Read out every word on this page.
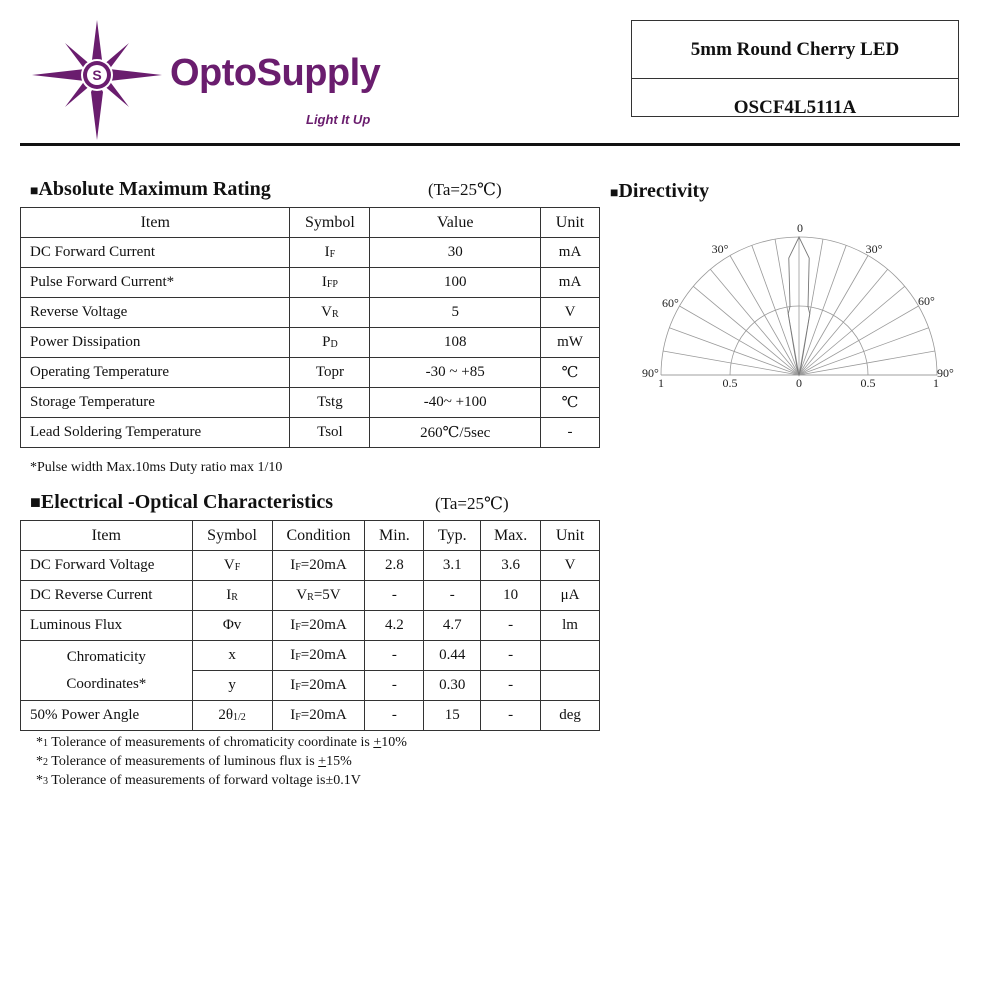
S OptoSupply
Light It Up
5mm Round Cherry LED
OSCF4L5111A
■Absolute Maximum Rating	(Ta=25℃)
Item	Symbol	Value	Unit
DC Forward Current	$I_F$	30	mA
Pulse Forward Current*	$I_{FP}$	100	mA
Reverse Voltage	$V_R$	5	V
Power Dissipation	$P_D$	108	mW
Operating Temperature	Topr	-30 ~ +85	℃
Storage Temperature	Tstg	-40~ +100	℃
Lead Soldering Temperature	Tsol	260℃/5sec	-
*Pulse width Max.10ms Duty ratio max 1/10
■Electrical -Optical Characteristics	(Ta=25℃)
Item	Symbol	Condition	Min.	Typ.	Max.	Unit
DC Forward Voltage	$V_F$	$I_F=20mA$	2.8	3.1	3.6	V
DC Reverse Current	$I_R$	$V_R=5V$	-	-	10	μA
Luminous Flux	Φv	$I_F=20mA$	4.2	4.7	-	lm
Chromaticity
Coordinates*	x	$I_F=20mA$	-	0.44	-	
	y	$I_F=20mA$	-	0.30	-	
50% Power Angle	$2\theta_{1/2}$	$I_F=20mA$	-	15	-	deg
*1 Tolerance of measurements of chromaticity coordinate is +10%
*2 Tolerance of measurements of luminous flux is +15%
*3 Tolerance of measurements of forward voltage is±0.1V
■Directivity
0
30°	30°
60°	60°
90°	90°
1	0.5	0	0.5	1
